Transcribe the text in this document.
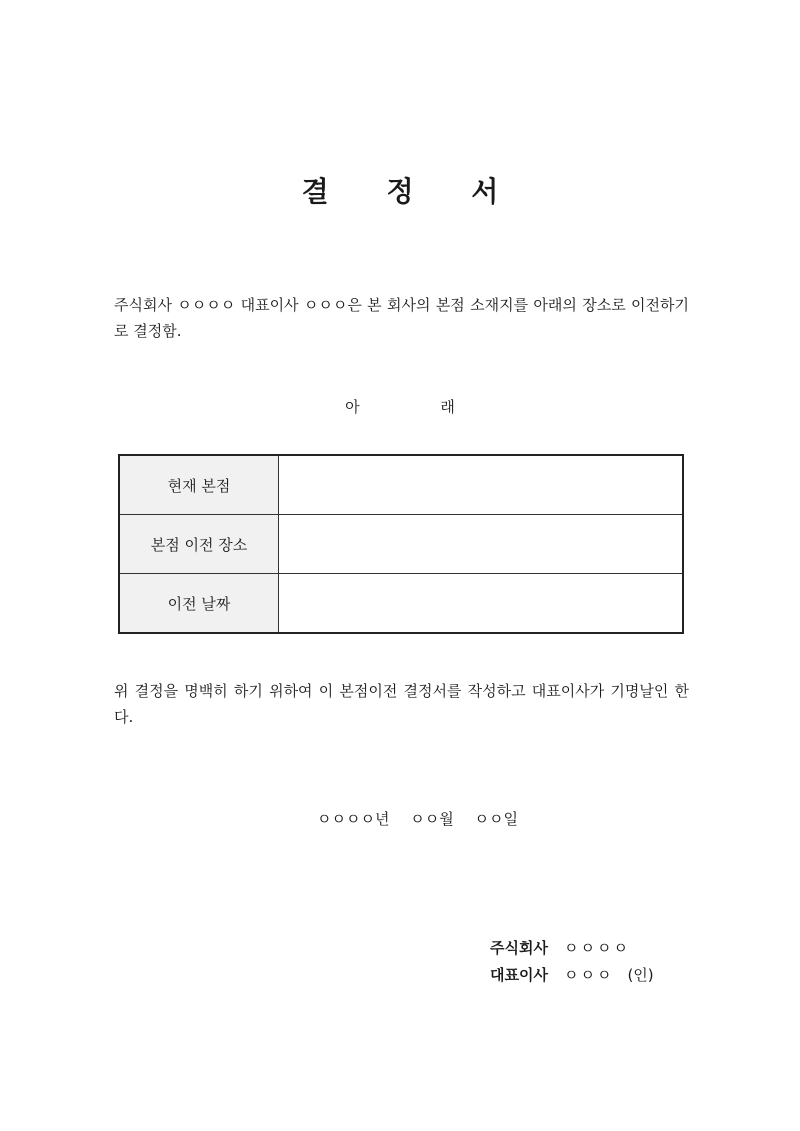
결 정 서
주식회사 ㅇㅇㅇㅇ 대표이사 ㅇㅇㅇ은 본 회사의 본점 소재지를 아래의 장소로 이전하기로 결정함.
아	래
현재 본점	
본점 이전 장소	
이전 날짜	
위 결정을 명백히 하기 위하여 이 본점이전 결정서를 작성하고 대표이사가 기명날인 한다.
ㅇㅇㅇㅇ년 ㅇㅇ월 ㅇㅇ일
주식회사 ㅇㅇㅇㅇ
대표이사 ㅇㅇㅇ (인)
